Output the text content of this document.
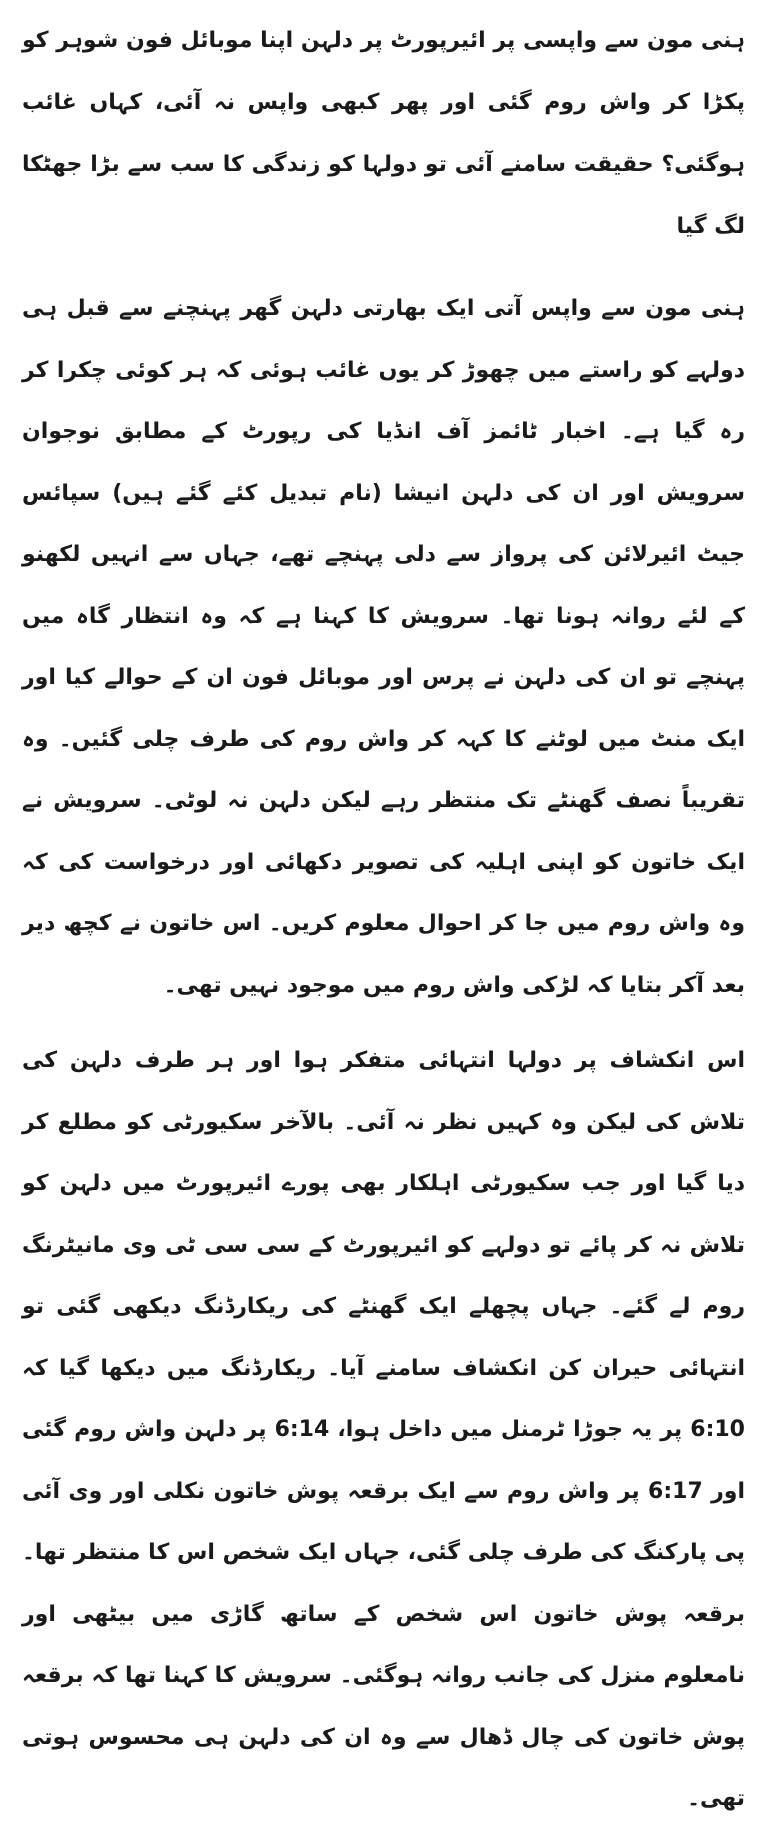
ہنی مون سے واپسی پر ائیرپورٹ پر دلہن اپنا موبائل فون شوہر کو پکڑا کر واش روم گئی اور پھر کبھی واپس نہ آئی، کہاں غائب ہوگئی؟ حقیقت سامنے آئی تو دولہا کو زندگی کا سب سے بڑا جھٹکا لگ گیا

ہنی مون سے واپس آتی ایک بھارتی دلہن گھر پہنچنے سے قبل ہی دولہے کو راستے میں چھوڑ کر یوں غائب ہوئی کہ ہر کوئی چکرا کر رہ گیا ہے۔ اخبار ٹائمز آف انڈیا کی رپورٹ کے مطابق نوجوان سرویش اور ان کی دلہن انیشا (نام تبدیل کئے گئے ہیں) سپائس جیٹ ائیرلائن کی پرواز سے دلی پہنچے تھے، جہاں سے انہیں لکھنو کے لئے روانہ ہونا تھا۔ سرویش کا کہنا ہے کہ وہ انتظار گاہ میں پہنچے تو ان کی دلہن نے پرس اور موبائل فون ان کے حوالے کیا اور ایک منٹ میں لوٹنے کا کہہ کر واش روم کی طرف چلی گئیں۔ وہ تقریباً نصف گھنٹے تک منتظر رہے لیکن دلہن نہ لوٹی۔ سرویش نے ایک خاتون کو اپنی اہلیہ کی تصویر دکھائی اور درخواست کی کہ وہ واش روم میں جا کر احوال معلوم کریں۔ اس خاتون نے کچھ دیر بعد آکر بتایا کہ لڑکی واش روم میں موجود نہیں تھی۔

اس انکشاف پر دولہا انتہائی متفکر ہوا اور ہر طرف دلہن کی تلاش کی لیکن وہ کہیں نظر نہ آئی۔ بالآخر سکیورٹی کو مطلع کر دیا گیا اور جب سکیورٹی اہلکار بھی پورے ائیرپورٹ میں دلہن کو تلاش نہ کر پائے تو دولہے کو ائیرپورٹ کے سی سی ٹی وی مانیٹرنگ روم لے گئے۔ جہاں پچھلے ایک گھنٹے کی ریکارڈنگ دیکھی گئی تو انتہائی حیران کن انکشاف سامنے آیا۔ ریکارڈنگ میں دیکھا گیا کہ 6:10 پر یہ جوڑا ٹرمنل میں داخل ہوا، 6:14 پر دلہن واش روم گئی اور 6:17 پر واش روم سے ایک برقعہ پوش خاتون نکلی اور وی آئی پی پارکنگ کی طرف چلی گئی، جہاں ایک شخص اس کا منتظر تھا۔ برقعہ پوش خاتون اس شخص کے ساتھ گاڑی میں بیٹھی اور نامعلوم منزل کی جانب روانہ ہوگئی۔ سرویش کا کہنا تھا کہ برقعہ پوش خاتون کی چال ڈھال سے وہ ان کی دلہن ہی محسوس ہوتی تھی۔
